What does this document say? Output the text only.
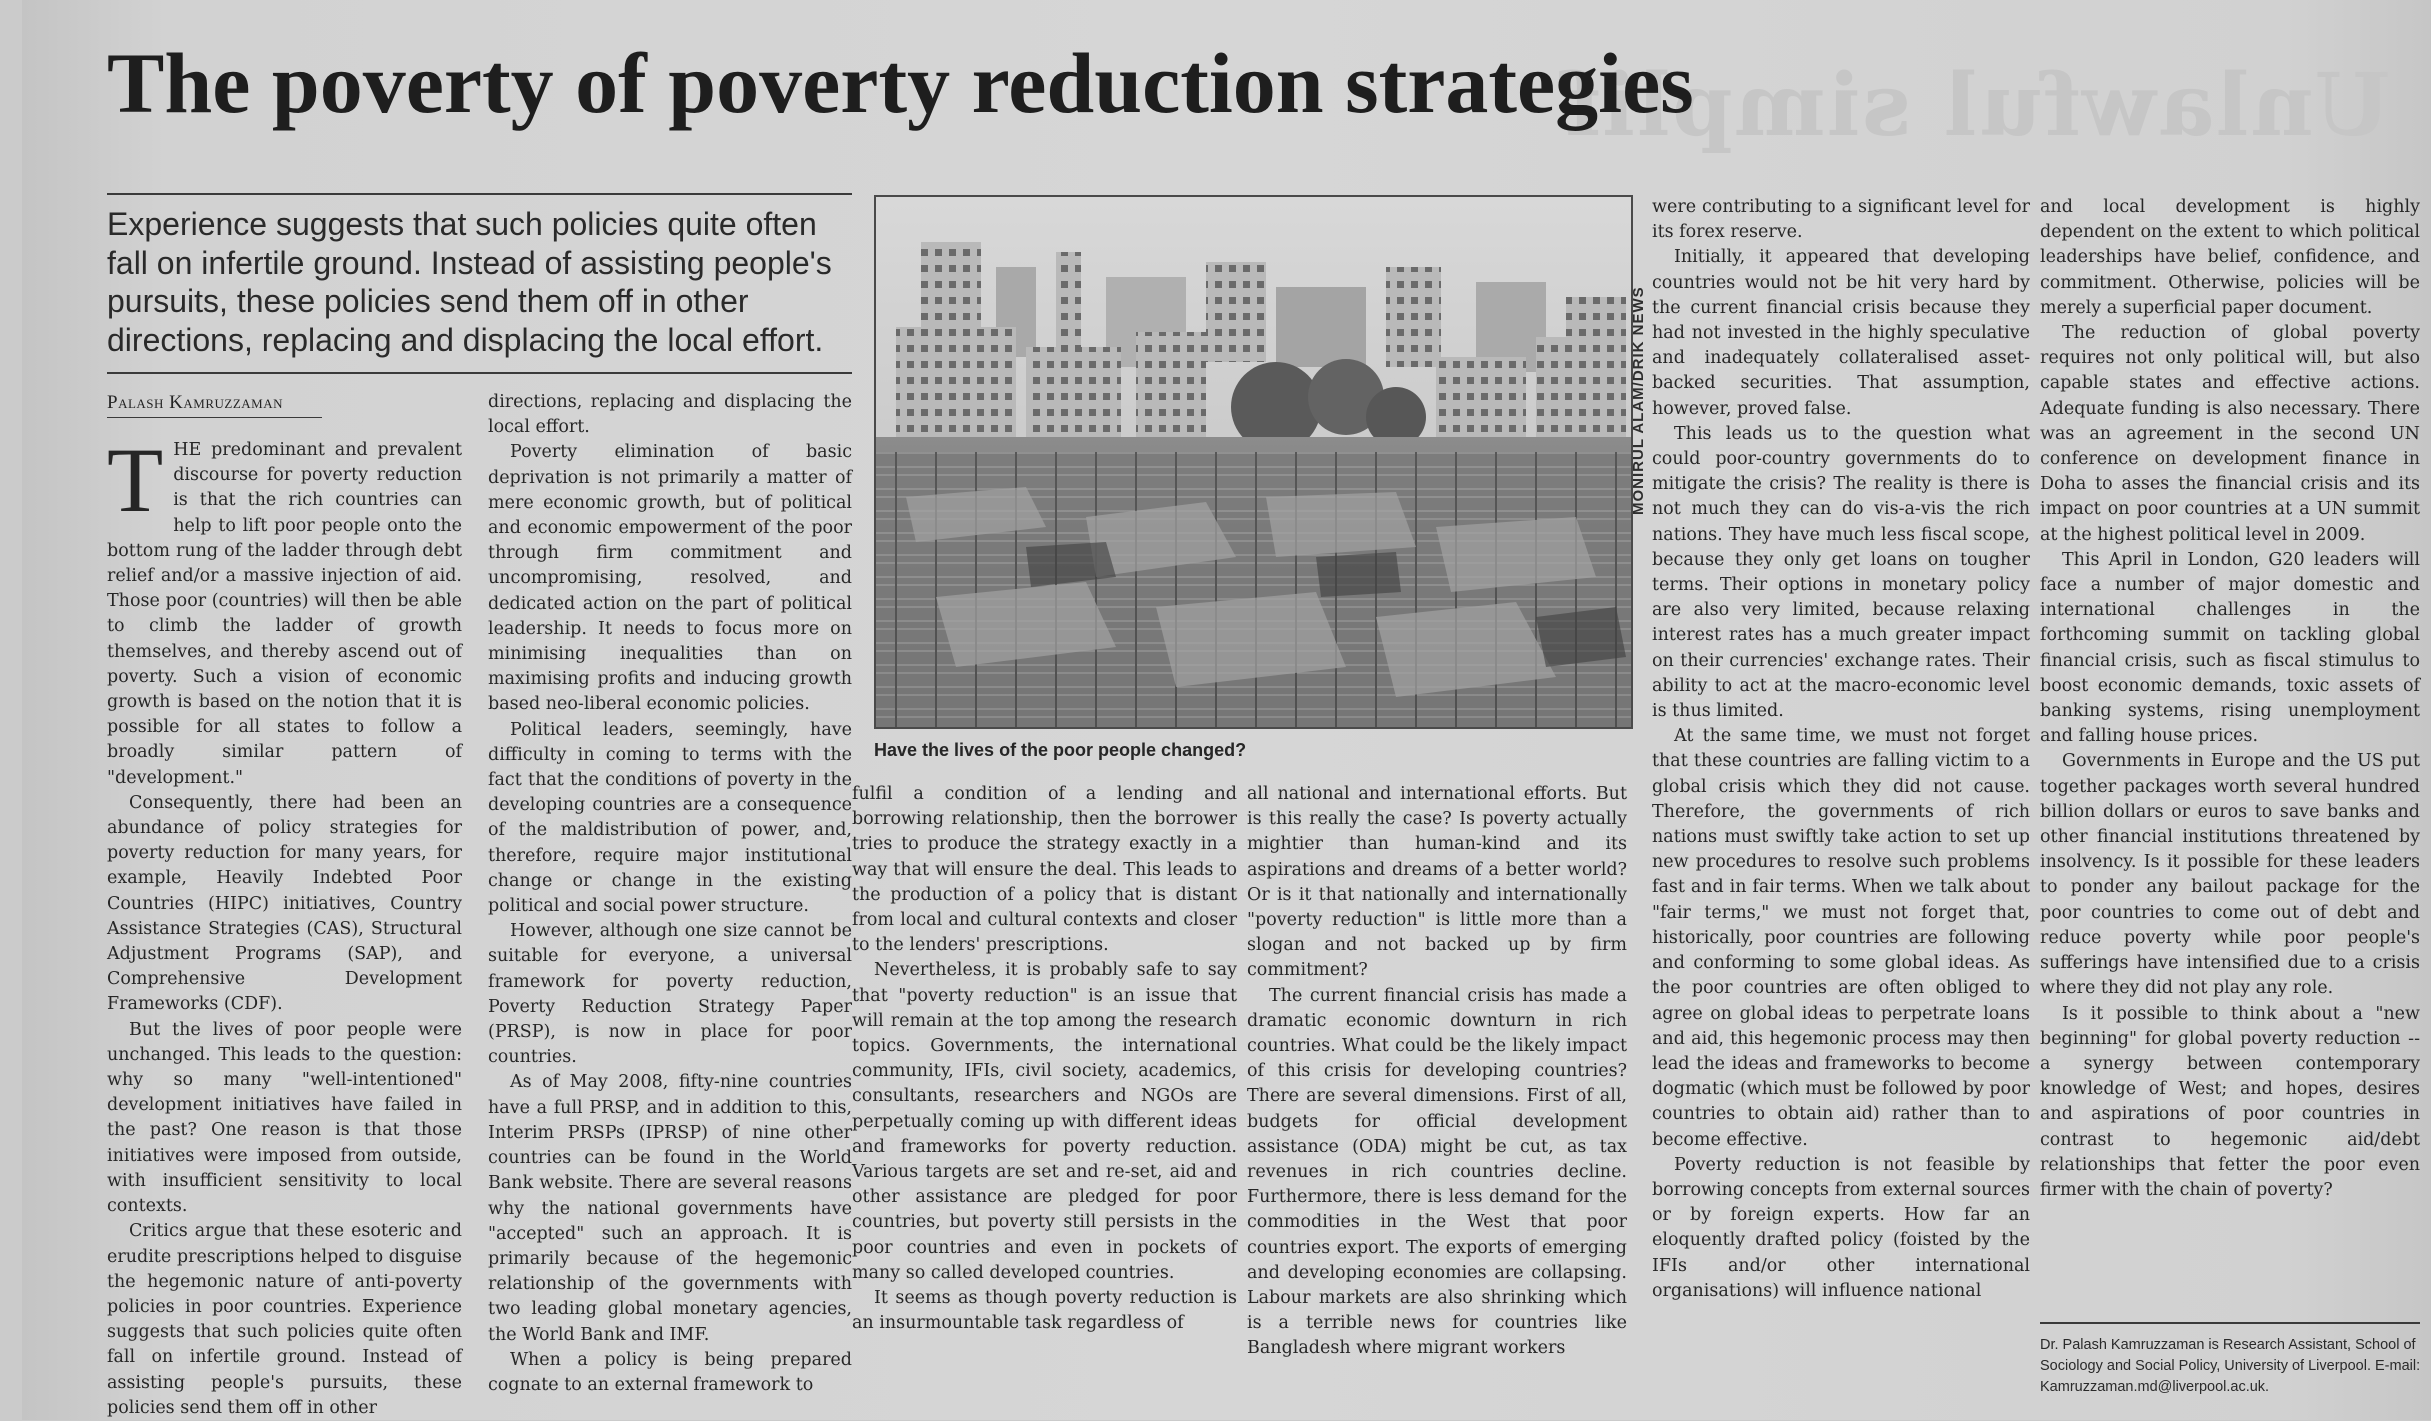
Unlawful simplif
The poverty of poverty reduction strategies

Experience suggests that such policies quite often fall on infertile ground. Instead of assisting people's pursuits, these policies send them off in other directions, replacing and displacing the local effort.

Palash Kamruzzaman

THE predominant and prevalent discourse for poverty reduction is that the rich countries can help to lift poor people onto the bottom rung of the ladder through debt relief and/or a massive injection of aid. Those poor (countries) will then be able to climb the ladder of growth themselves, and thereby ascend out of poverty. Such a vision of economic growth is based on the notion that it is possible for all states to follow a broadly similar pattern of "development."

Consequently, there had been an abundance of policy strategies for poverty reduction for many years, for example, Heavily Indebted Poor Countries (HIPC) initiatives, Country Assistance Strategies (CAS), Structural Adjustment Programs (SAP), and Comprehensive Development Frameworks (CDF).

But the lives of poor people were unchanged. This leads to the question: why so many "well-intentioned" development initiatives have failed in the past? One reason is that those initiatives were imposed from outside, with insufficient sensitivity to local contexts.

Critics argue that these esoteric and erudite prescriptions helped to disguise the hegemonic nature of anti-poverty policies in poor countries. Experience suggests that such policies quite often fall on infertile ground. Instead of assisting people's pursuits, these policies send them off in other

directions, replacing and displacing the local effort.

Poverty elimination of basic deprivation is not primarily a matter of mere economic growth, but of political and economic empowerment of the poor through firm commitment and uncompromising, resolved, and dedicated action on the part of political leadership. It needs to focus more on minimising inequalities than on maximising profits and inducing growth based neo-liberal economic policies.

Political leaders, seemingly, have difficulty in coming to terms with the fact that the conditions of poverty in the developing countries are a consequence of the maldistribution of power, and, therefore, require major institutional change or change in the existing political and social power structure.

However, although one size cannot be suitable for everyone, a universal framework for poverty reduction, Poverty Reduction Strategy Paper (PRSP), is now in place for poor countries.

As of May 2008, fifty-nine countries have a full PRSP, and in addition to this, Interim PRSPs (IPRSP) of nine other countries can be found in the World Bank website. There are several reasons why the national governments have "accepted" such an approach. It is primarily because of the hegemonic relationship of the governments with two leading global monetary agencies, the World Bank and IMF.

When a policy is being prepared cognate to an external framework to

MONIRUL ALAM/DRIK NEWS
Have the lives of the poor people changed?

fulfil a condition of a lending and borrowing relationship, then the borrower tries to produce the strategy exactly in a way that will ensure the deal. This leads to the production of a policy that is distant from local and cultural contexts and closer to the lenders' prescriptions.

Nevertheless, it is probably safe to say that "poverty reduction" is an issue that will remain at the top among the research topics. Governments, the international community, IFIs, civil society, academics, consultants, researchers and NGOs are perpetually coming up with different ideas and frameworks for poverty reduction. Various targets are set and re-set, aid and other assistance are pledged for poor countries, but poverty still persists in the poor countries and even in pockets of many so called developed countries.

It seems as though poverty reduction is an insurmountable task regardless of

all national and international efforts. But is this really the case? Is poverty actually mightier than human-kind and its aspirations and dreams of a better world? Or is it that nationally and internationally "poverty reduction" is little more than a slogan and not backed up by firm commitment?

The current financial crisis has made a dramatic economic downturn in rich countries. What could be the likely impact of this crisis for developing countries? There are several dimensions. First of all, budgets for official development assistance (ODA) might be cut, as tax revenues in rich countries decline. Furthermore, there is less demand for the commodities in the West that poor countries export. The exports of emerging and developing economies are collapsing. Labour markets are also shrinking which is a terrible news for countries like Bangladesh where migrant workers

were contributing to a significant level for its forex reserve.

Initially, it appeared that developing countries would not be hit very hard by the current financial crisis because they had not invested in the highly speculative and inadequately collateralised asset-backed securities. That assumption, however, proved false.

This leads us to the question what could poor-country governments do to mitigate the crisis? The reality is there is not much they can do vis-a-vis the rich nations. They have much less fiscal scope, because they only get loans on tougher terms. Their options in monetary policy are also very limited, because relaxing interest rates has a much greater impact on their currencies' exchange rates. Their ability to act at the macro-economic level is thus limited.

At the same time, we must not forget that these countries are falling victim to a global crisis which they did not cause. Therefore, the governments of rich nations must swiftly take action to set up new procedures to resolve such problems fast and in fair terms. When we talk about "fair terms," we must not forget that, historically, poor countries are following and conforming to some global ideas. As the poor countries are often obliged to agree on global ideas to perpetrate loans and aid, this hegemonic process may then lead the ideas and frameworks to become dogmatic (which must be followed by poor countries to obtain aid) rather than to become effective.

Poverty reduction is not feasible by borrowing concepts from external sources or by foreign experts. How far an eloquently drafted policy (foisted by the IFIs and/or other international organisations) will influence national

and local development is highly dependent on the extent to which political leaderships have belief, confidence, and commitment. Otherwise, policies will be merely a superficial paper document.

The reduction of global poverty requires not only political will, but also capable states and effective actions. Adequate funding is also necessary. There was an agreement in the second UN conference on development finance in Doha to asses the financial crisis and its impact on poor countries at a UN summit at the highest political level in 2009.

This April in London, G20 leaders will face a number of major domestic and international challenges in the forthcoming summit on tackling global financial crisis, such as fiscal stimulus to boost economic demands, toxic assets of banking systems, rising unemployment and falling house prices.

Governments in Europe and the US put together packages worth several hundred billion dollars or euros to save banks and other financial institutions threatened by insolvency. Is it possible for these leaders to ponder any bailout package for the poor countries to come out of debt and reduce poverty while poor people's sufferings have intensified due to a crisis where they did not play any role.

Is it possible to think about a "new beginning" for global poverty reduction -- a synergy between contemporary knowledge of West; and hopes, desires and aspirations of poor countries in contrast to hegemonic aid/debt relationships that fetter the poor even firmer with the chain of poverty?

Dr. Palash Kamruzzaman is Research Assistant, School of Sociology and Social Policy, University of Liverpool. E-mail: Kamruzzaman.md@liverpool.ac.uk.
